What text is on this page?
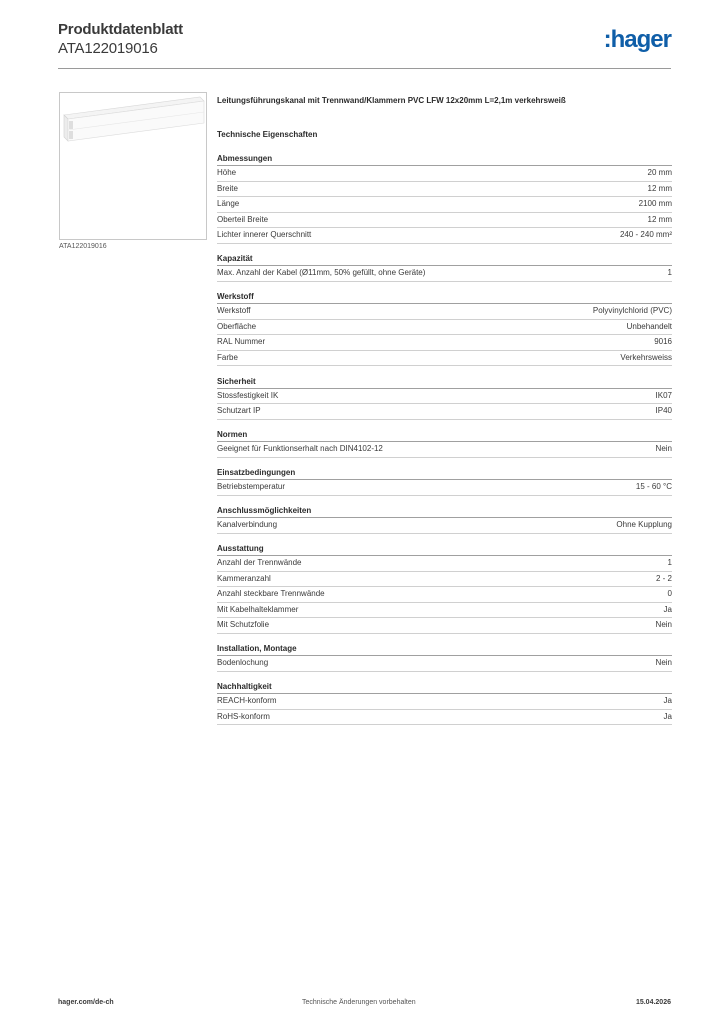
Produktdatenblatt
ATA122019016	:hager
ATA122019016
Leitungsführungskanal mit Trennwand/Klammern PVC LFW 12x20mm L=2,1m verkehrsweiß
Technische Eigenschaften
Abmessungen
Höhe	20 mm
Breite	12 mm
Länge	2100 mm
Oberteil Breite	12 mm
Lichter innerer Querschnitt	240 - 240 mm²
Kapazität
Max. Anzahl der Kabel (Ø11mm, 50% gefüllt, ohne Geräte)	1
Werkstoff
Werkstoff	Polyvinylchlorid (PVC)
Oberfläche	Unbehandelt
RAL Nummer	9016
Farbe	Verkehrsweiss
Sicherheit
Stossfestigkeit IK	IK07
Schutzart IP	IP40
Normen
Geeignet für Funktionserhalt nach DIN4102-12	Nein
Einsatzbedingungen
Betriebstemperatur	15 - 60 °C
Anschlussmöglichkeiten
Kanalverbindung	Ohne Kupplung
Ausstattung
Anzahl der Trennwände	1
Kammeranzahl	2 - 2
Anzahl steckbare Trennwände	0
Mit Kabelhalteklammer	Ja
Mit Schutzfolie	Nein
Installation, Montage
Bodenlochung	Nein
Nachhaltigkeit
REACH-konform	Ja
RoHS-konform	Ja
hager.com/de-ch	Technische Änderungen vorbehalten	15.04.2026
